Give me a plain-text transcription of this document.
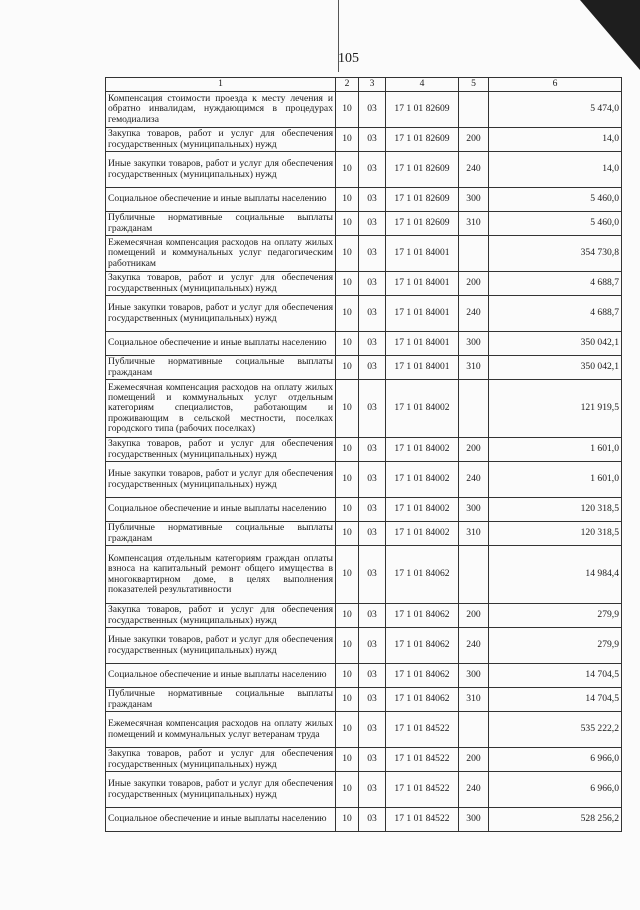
105
1	2	3	4	5	6
Компенсация стоимости проезда к месту лечения и обратно инвалидам, нуждающимся в процедурах гемодиализа	10	03	17 1 01 82609		5 474,0
Закупка товаров, работ и услуг для обеспечения государственных (муниципальных) нужд	10	03	17 1 01 82609	200	14,0
Иные закупки товаров, работ и услуг для обеспечения государственных (муниципальных) нужд	10	03	17 1 01 82609	240	14,0
Социальное обеспечение и иные выплаты населению	10	03	17 1 01 82609	300	5 460,0
Публичные нормативные социальные выплаты гражданам	10	03	17 1 01 82609	310	5 460,0
Ежемесячная компенсация расходов на оплату жилых помещений и коммунальных услуг педагогическим работникам	10	03	17 1 01 84001		354 730,8
Закупка товаров, работ и услуг для обеспечения государственных (муниципальных) нужд	10	03	17 1 01 84001	200	4 688,7
Иные закупки товаров, работ и услуг для обеспечения государственных (муниципальных) нужд	10	03	17 1 01 84001	240	4 688,7
Социальное обеспечение и иные выплаты населению	10	03	17 1 01 84001	300	350 042,1
Публичные нормативные социальные выплаты гражданам	10	03	17 1 01 84001	310	350 042,1
Ежемесячная компенсация расходов на оплату жилых помещений и коммунальных услуг отдельным категориям специалистов, работающим и проживающим в сельской местности, поселках городского типа (рабочих поселках)	10	03	17 1 01 84002		121 919,5
Закупка товаров, работ и услуг для обеспечения государственных (муниципальных) нужд	10	03	17 1 01 84002	200	1 601,0
Иные закупки товаров, работ и услуг для обеспечения государственных (муниципальных) нужд	10	03	17 1 01 84002	240	1 601,0
Социальное обеспечение и иные выплаты населению	10	03	17 1 01 84002	300	120 318,5
Публичные нормативные социальные выплаты гражданам	10	03	17 1 01 84002	310	120 318,5
Компенсация отдельным категориям граждан оплаты взноса на капитальный ремонт общего имущества в многоквартирном доме, в целях выполнения показателей результативности	10	03	17 1 01 84062		14 984,4
Закупка товаров, работ и услуг для обеспечения государственных (муниципальных) нужд	10	03	17 1 01 84062	200	279,9
Иные закупки товаров, работ и услуг для обеспечения государственных (муниципальных) нужд	10	03	17 1 01 84062	240	279,9
Социальное обеспечение и иные выплаты населению	10	03	17 1 01 84062	300	14 704,5
Публичные нормативные социальные выплаты гражданам	10	03	17 1 01 84062	310	14 704,5
Ежемесячная компенсация расходов на оплату жилых помещений и коммунальных услуг ветеранам труда	10	03	17 1 01 84522		535 222,2
Закупка товаров, работ и услуг для обеспечения государственных (муниципальных) нужд	10	03	17 1 01 84522	200	6 966,0
Иные закупки товаров, работ и услуг для обеспечения государственных (муниципальных) нужд	10	03	17 1 01 84522	240	6 966,0
Социальное обеспечение и иные выплаты населению	10	03	17 1 01 84522	300	528 256,2
